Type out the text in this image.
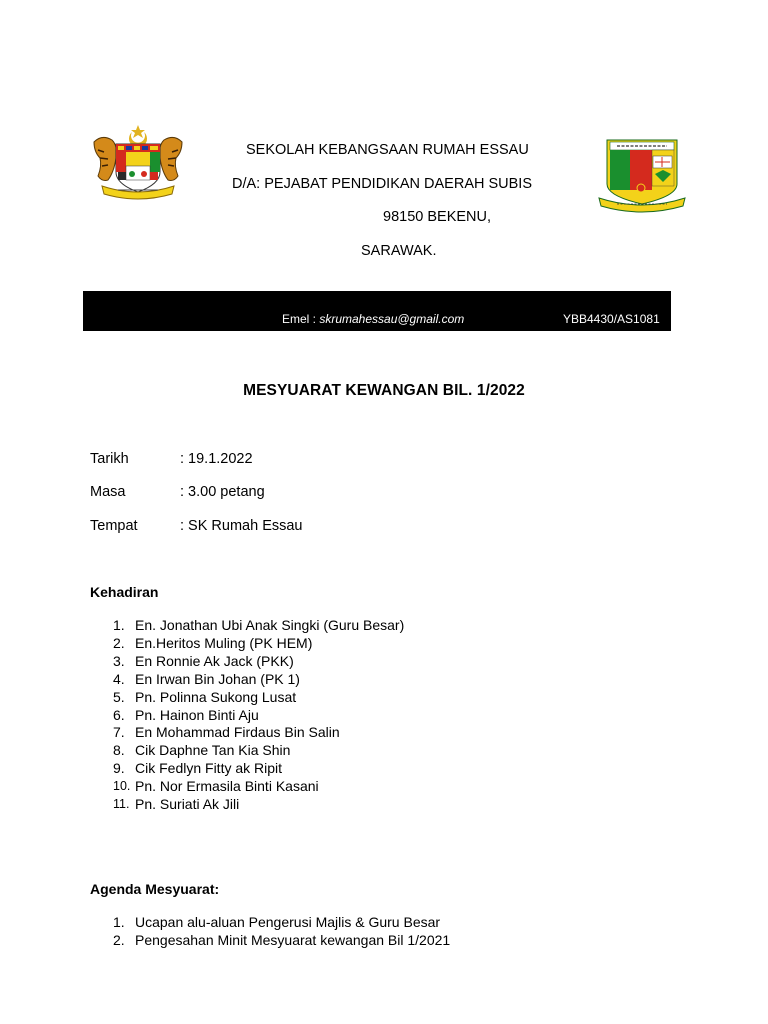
SEKOLAH KEBANGSAAN RUMAH ESSAU
D/A: PEJABAT PENDIDIKAN DAERAH SUBIS
98150 BEKENU,
SARAWAK.
Emel : skrumahessau@gmail.com	YBB4430/AS1081
MESYUARAT KEWANGAN BIL. 1/2022
Tarikh	: 19.1.2022
Masa	: 3.00 petang
Tempat	: SK Rumah Essau
Kehadiran
1. En. Jonathan Ubi Anak Singki (Guru Besar)
2. En.Heritos Muling (PK HEM)
3. En Ronnie Ak Jack (PKK)
4. En Irwan Bin Johan (PK 1)
5. Pn. Polinna Sukong Lusat
6. Pn. Hainon Binti Aju
7. En Mohammad Firdaus Bin Salin
8. Cik Daphne Tan Kia Shin
9. Cik Fedlyn Fitty ak Ripit
10. Pn. Nor Ermasila Binti Kasani
11. Pn. Suriati Ak Jili
Agenda Mesyuarat:
1. Ucapan alu-aluan Pengerusi Majlis & Guru Besar
2. Pengesahan Minit Mesyuarat kewangan Bil 1/2021
